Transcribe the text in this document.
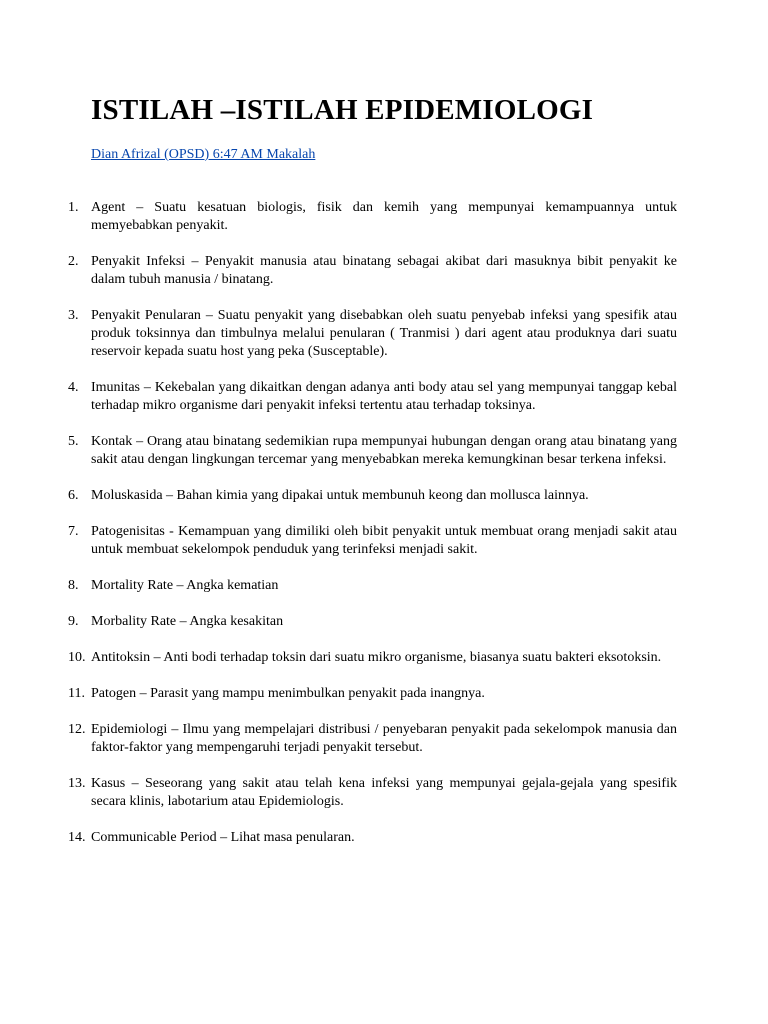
ISTILAH –ISTILAH EPIDEMIOLOGI
Dian Afrizal (OPSD) 6:47 AM Makalah
1. Agent – Suatu kesatuan biologis, fisik dan kemih yang mempunyai kemampuannya untuk memyebabkan penyakit.
2. Penyakit Infeksi – Penyakit manusia atau binatang sebagai akibat dari masuknya bibit penyakit ke dalam tubuh manusia / binatang.
3. Penyakit Penularan – Suatu penyakit yang disebabkan oleh suatu penyebab infeksi yang spesifik atau produk toksinnya dan timbulnya melalui penularan ( Tranmisi ) dari agent atau produknya dari suatu reservoir kepada suatu host yang peka (Susceptable).
4. Imunitas – Kekebalan yang dikaitkan dengan adanya anti body atau sel yang mempunyai tanggap kebal terhadap mikro organisme dari penyakit infeksi tertentu atau terhadap toksinya.
5. Kontak – Orang atau binatang sedemikian rupa mempunyai hubungan dengan orang atau binatang yang sakit atau dengan lingkungan tercemar yang menyebabkan mereka kemungkinan besar terkena infeksi.
6. Moluskasida – Bahan kimia yang dipakai untuk membunuh keong dan mollusca lainnya.
7. Patogenisitas - Kemampuan yang dimiliki oleh bibit penyakit untuk membuat orang menjadi sakit atau untuk membuat sekelompok penduduk yang terinfeksi menjadi sakit.
8. Mortality Rate – Angka kematian
9. Morbality Rate – Angka kesakitan
10. Antitoksin – Anti bodi terhadap toksin dari suatu mikro organisme, biasanya suatu bakteri eksotoksin.
11. Patogen – Parasit yang mampu menimbulkan penyakit pada inangnya.
12. Epidemiologi – Ilmu yang mempelajari distribusi / penyebaran penyakit pada sekelompok manusia dan faktor-faktor yang mempengaruhi terjadi penyakit tersebut.
13. Kasus – Seseorang yang sakit atau telah kena infeksi yang mempunyai gejala-gejala yang spesifik secara klinis, labotarium atau Epidemiologis.
14. Communicable Period – Lihat masa penularan.
